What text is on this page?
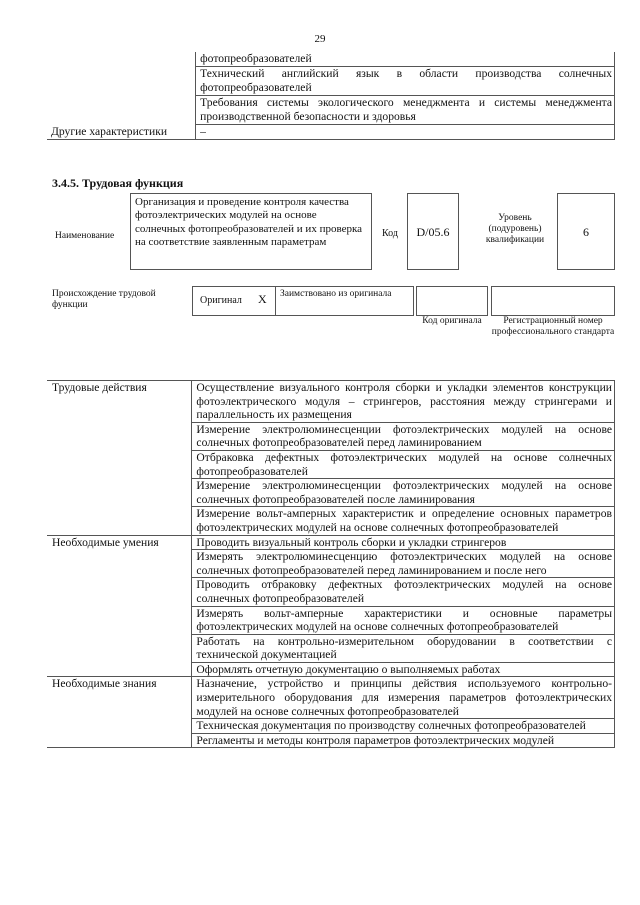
29
	фотопреобразователей
	Технический английский язык в области производства солнечных фотопреобразователей
	Требования системы экологического менеджмента и системы менеджмента производственной безопасности и здоровья
Другие характеристики	–
3.4.5. Трудовая функция
Наименование
Организация и проведение контроля качества фотоэлектрических модулей на основе солнечных фотопреобразователей и их проверка на соответствие заявленным параметрам
Код	D/05.6
Уровень (подуровень) квалификации
6
Происхождение трудовой функции	Оригинал X Заимствовано из оригинала
Код оригинала	Регистрационный номер профессионального стандарта
Трудовые действия	Осуществление визуального контроля сборки и укладки элементов конструкции фотоэлектрического модуля – стрингеров, расстояния между стрингерами и параллельность их размещения
	Измерение электролюминесценции фотоэлектрических модулей на основе солнечных фотопреобразователей перед ламинированием
	Отбраковка дефектных фотоэлектрических модулей на основе солнечных фотопреобразователей
	Измерение электролюминесценции фотоэлектрических модулей на основе солнечных фотопреобразователей после ламинирования
	Измерение вольт-амперных характеристик и определение основных параметров фотоэлектрических модулей на основе солнечных фотопреобразователей
Необходимые умения	Проводить визуальный контроль сборки и укладки стрингеров
	Измерять электролюминесценцию фотоэлектрических модулей на основе солнечных фотопреобразователей перед ламинированием и после него
	Проводить отбраковку дефектных фотоэлектрических модулей на основе солнечных фотопреобразователей
	Измерять вольт-амперные характеристики и основные параметры фотоэлектрических модулей на основе солнечных фотопреобразователей
	Работать на контрольно-измерительном оборудовании в соответствии с технической документацией
	Оформлять отчетную документацию о выполняемых работах
Необходимые знания	Назначение, устройство и принципы действия используемого контрольно-измерительного оборудования для измерения параметров фотоэлектрических модулей на основе солнечных фотопреобразователей
	Техническая документация по производству солнечных фотопреобразователей
	Регламенты и методы контроля параметров фотоэлектрических модулей
